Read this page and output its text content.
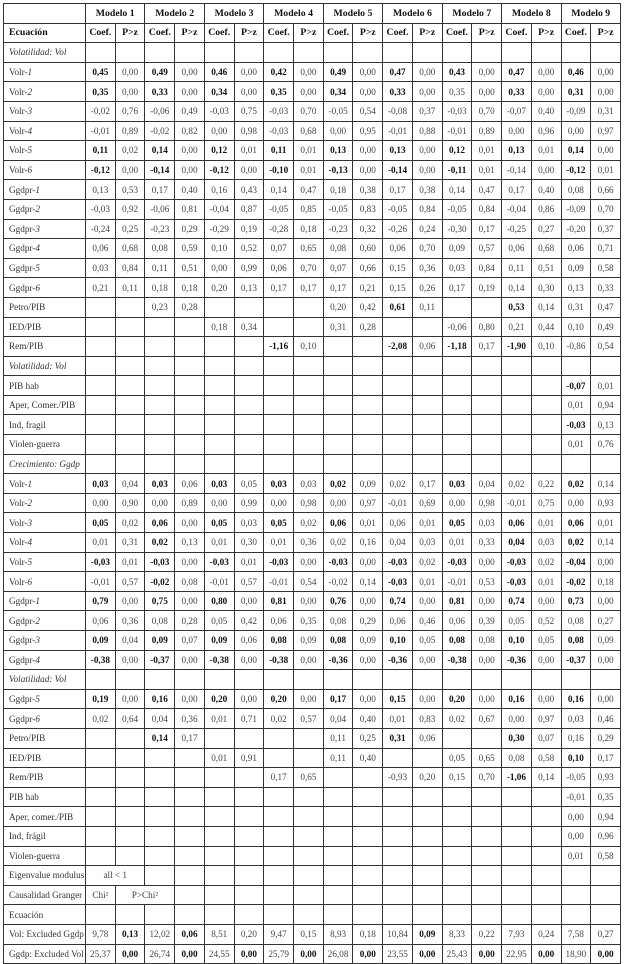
	Modelo 1		Modelo 2		Modelo 3		Modelo 4		Modelo 5		Modelo 6		Modelo 7		Modelo 8		Modelo 9	
Ecuación	Coef.	P>z	Coef.	P>z	Coef.	P>z	Coef.	P>z	Coef.	P>z	Coef.	P>z	Coef.	P>z	Coef.	P>z	Coef.	P>z
Volatilidad: Vol																		
Volr-1	0,45	0,00	0,49	0,00	0,46	0,00	0,42	0,00	0,49	0,00	0,47	0,00	0,43	0,00	0,47	0,00	0,46	0,00
Volr-2	0,35	0,00	0,33	0,00	0,34	0,00	0,35	0,00	0,34	0,00	0,33	0,00	0,35	0,00	0,33	0,00	0,31	0,00
Volr-3	-0,02	0,76	-0,06	0,49	-0,03	0,75	-0,03	0,70	-0,05	0,54	-0,08	0,37	-0,03	0,70	-0,07	0,40	-0,09	0,31
Volr-4	-0,01	0,89	-0,02	0,82	0,00	0,98	-0,03	0,68	0,00	0,95	-0,01	0,88	-0,01	0,89	0,00	0,96	0,00	0,97
Volr-5	0,11	0,02	0,14	0,00	0,12	0,01	0,11	0,01	0,13	0,00	0,13	0,00	0,12	0,01	0,13	0,01	0,14	0,00
Volr-6	-0,12	0,00	-0,14	0,00	-0,12	0,00	-0,10	0,01	-0,13	0,00	-0,14	0,00	-0,11	0,01	-0,14	0,00	-0,12	0,01
Ggdpr-1	0,13	0,53	0,17	0,40	0,16	0,43	0,14	0,47	0,18	0,38	0,17	0,38	0,14	0,47	0,17	0,40	0,08	0,66
Ggdpr-2	-0,03	0,92	-0,06	0,81	-0,04	0,87	-0,05	0,85	-0,05	0,83	-0,05	0,84	-0,05	0,84	-0,04	0,86	-0,09	0,70
Ggdpr-3	-0,24	0,25	-0,23	0,29	-0,29	0,19	-0,28	0,18	-0,23	0,32	-0,26	0,24	-0,30	0,17	-0,25	0,27	-0,20	0,37
Ggdpr-4	0,06	0,68	0,08	0,59	0,10	0,52	0,07	0,65	0,08	0,60	0,06	0,70	0,09	0,57	0,06	0,68	0,06	0,71
Ggdpr-5	0,03	0,84	0,11	0,51	0,00	0,99	0,06	0,70	0,07	0,66	0,15	0,36	0,03	0,84	0,11	0,51	0,09	0,58
Ggdpr-6	0,21	0,11	0,18	0,18	0,20	0,13	0,17	0,17	0,17	0,21	0,15	0,26	0,17	0,19	0,14	0,30	0,13	0,33
Petro/PIB			0,23	0,28					0,20	0,42	0,61	0,11			0,53	0,14	0,31	0,47
IED/PIB					0,18	0,34			0,31	0,28			-0,06	0,80	0,21	0,44	0,10	0,49
Rem/PIB							-1,16	0,10			-2,08	0,06	-1,18	0,17	-1,90	0,10	-0,86	0,54
Volatilidad: Vol																		
PIB hab																	-0,07	0,01
Aper, Comer./PIB																	0,01	0,94
Ind, fragil																	-0,03	0,13
Violen-guerra																	0,01	0,76
Crecimiento: Ggdp																		
Volr-1	0,03	0,04	0,03	0,06	0,03	0,05	0,03	0,03	0,02	0,09	0,02	0,17	0,03	0,04	0,02	0,22	0,02	0,14
Volr-2	0,00	0,90	0,00	0,89	0,00	0,99	0,00	0,98	0,00	0,97	-0,01	0,69	0,00	0,98	-0,01	0,75	0,00	0,93
Volr-3	0,05	0,02	0,06	0,00	0,05	0,03	0,05	0,02	0,06	0,01	0,06	0,01	0,05	0,03	0,06	0,01	0,06	0,01
Volr-4	0,01	0,31	0,02	0,13	0,01	0,30	0,01	0,36	0,02	0,16	0,04	0,03	0,01	0,33	0,04	0,03	0,02	0,14
Volr-5	-0,03	0,01	-0,03	0,00	-0,03	0,01	-0,03	0,00	-0,03	0,00	-0,03	0,02	-0,03	0,00	-0,03	0,02	-0,04	0,00
Volr-6	-0,01	0,57	-0,02	0,08	-0,01	0,57	-0,01	0,54	-0,02	0,14	-0,03	0,01	-0,01	0,53	-0,03	0,01	-0,02	0,18
Ggdpr-1	0,79	0,00	0,75	0,00	0,80	0,00	0,81	0,00	0,76	0,00	0,74	0,00	0,81	0,00	0,74	0,00	0,73	0,00
Ggdpr-2	0,06	0,36	0,08	0,28	0,05	0,42	0,06	0,35	0,08	0,29	0,06	0,46	0,06	0,39	0,05	0,52	0,08	0,27
Ggdpr-3	0,09	0,04	0,09	0,07	0,09	0,06	0,08	0,09	0,08	0,09	0,10	0,05	0,08	0,08	0,10	0,05	0,08	0,09
Ggdpr-4	-0,38	0,00	-0,37	0,00	-0,38	0,00	-0,38	0,00	-0,36	0,00	-0,36	0,00	-0,38	0,00	-0,36	0,00	-0,37	0,00
Volatilidad: Vol																		
Ggdpr-5	0,19	0,00	0,16	0,00	0,20	0,00	0,20	0,00	0,17	0,00	0,15	0,00	0,20	0,00	0,16	0,00	0,16	0,00
Ggdpr-6	0,02	0,64	0,04	0,36	0,01	0,71	0,02	0,57	0,04	0,40	0,01	0,83	0,02	0,67	0,00	0,97	0,03	0,46
Petro/PIB			0,14	0,17					0,11	0,25	0,31	0,06			0,30	0,07	0,16	0,29
IED/PIB					0,01	0,91			0,11	0,40			0,05	0,65	0,08	0,58	0,10	0,17
Rem/PIB							0,17	0,65			-0,93	0,20	0,15	0,70	-1,06	0,14	-0,05	0,93
PIB hab																	-0,01	0,35
Aper, comer./PIB																	0,00	0,94
Ind, frágil																	0,00	0,96
Violen-guerra																	0,01	0,58
Eigenvalue modulus	all < 1																	
Causalidad Granger	Chi²	P>Chi²																
Ecuación																		
Vol: Excluded Ggdp	9,78	0,13	12,02	0,06	8,51	0,20	9,47	0,15	8,93	0,18	10,84	0,09	8,33	0,22	7,93	0,24	7,58	0,27
Ggdp: Excluded Vol	25,37	0,00	26,74	0,00	24,55	0,00	25,79	0,00	26,08	0,00	23,55	0,00	25,43	0,00	22,95	0,00	18,90	0,00
